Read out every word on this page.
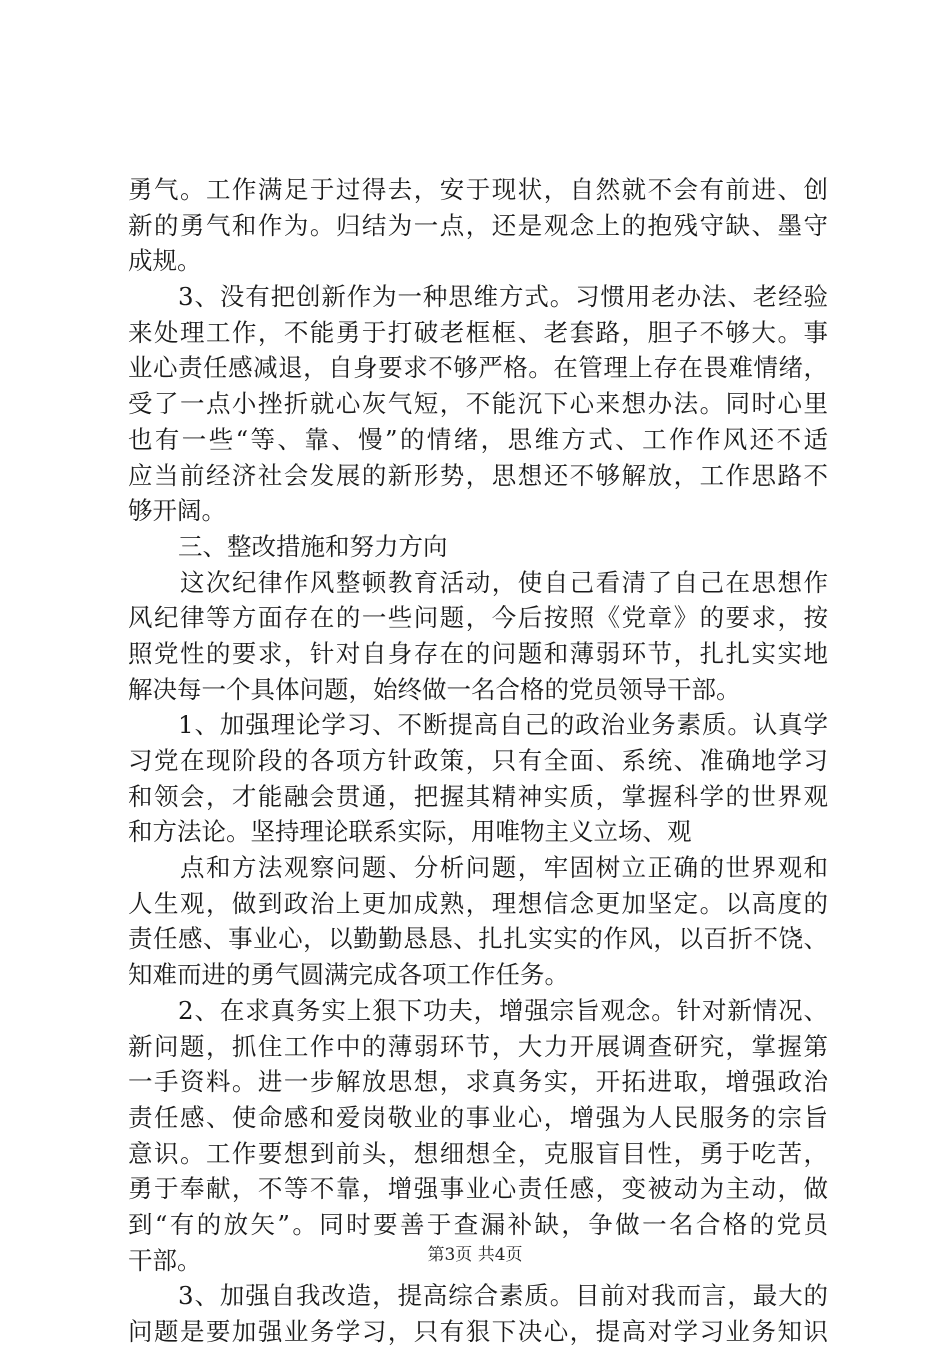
勇气。工作满足于过得去，安于现状，自然就不会有前进、创
新的勇气和作为。归结为一点，还是观念上的抱残守缺、墨守
成规。
3、没有把创新作为一种思维方式。习惯用老办法、老经验
来处理工作，不能勇于打破老框框、老套路，胆子不够大。事
业心责任感减退，自身要求不够严格。在管理上存在畏难情绪，
受了一点小挫折就心灰气短，不能沉下心来想办法。同时心里
也有一些“等、靠、慢”的情绪，思维方式、工作作风还不适
应当前经济社会发展的新形势，思想还不够解放，工作思路不
够开阔。
三、整改措施和努力方向
这次纪律作风整顿教育活动，使自己看清了自己在思想作
风纪律等方面存在的一些问题，今后按照《党章》的要求，按
照党性的要求，针对自身存在的问题和薄弱环节，扎扎实实地
解决每一个具体问题，始终做一名合格的党员领导干部。
1、加强理论学习、不断提高自己的政治业务素质。认真学
习党在现阶段的各项方针政策，只有全面、系统、准确地学习
和领会，才能融会贯通，把握其精神实质，掌握科学的世界观
和方法论。坚持理论联系实际，用唯物主义立场、观
点和方法观察问题、分析问题，牢固树立正确的世界观和
人生观，做到政治上更加成熟，理想信念更加坚定。以高度的
责任感、事业心，以勤勤恳恳、扎扎实实的作风，以百折不饶、
知难而进的勇气圆满完成各项工作任务。
2、在求真务实上狠下功夫，增强宗旨观念。针对新情况、
新问题，抓住工作中的薄弱环节，大力开展调查研究，掌握第
一手资料。进一步解放思想，求真务实，开拓进取，增强政治
责任感、使命感和爱岗敬业的事业心，增强为人民服务的宗旨
意识。工作要想到前头，想细想全，克服盲目性，勇于吃苦，
勇于奉献，不等不靠，增强事业心责任感，变被动为主动，做
到“有的放矢”。同时要善于查漏补缺，争做一名合格的党员
干部。
3、加强自我改造，提高综合素质。目前对我而言，最大的
问题是要加强业务学习，只有狠下决心，提高对学习业务知识
第3页 共4页
